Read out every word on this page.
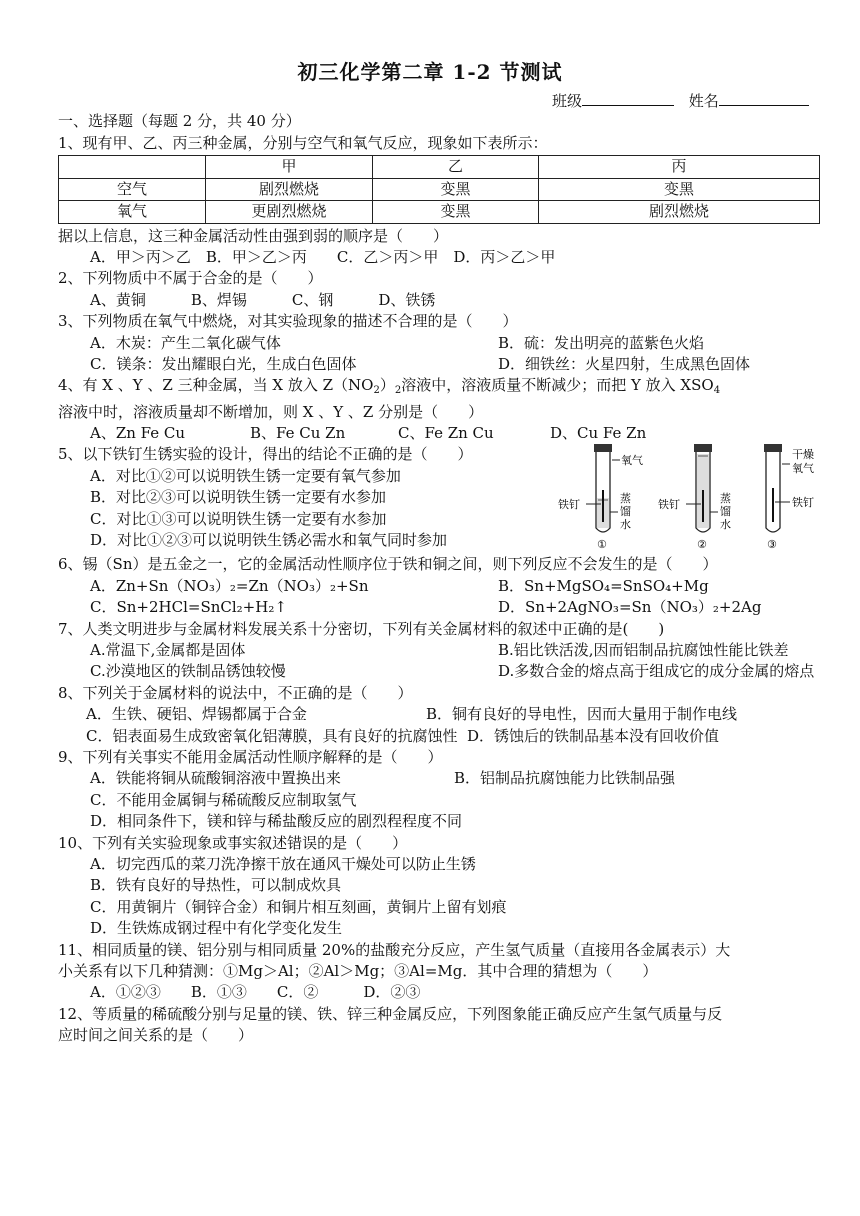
初三化学第二章 1-2 节测试
班级	姓名
一、选择题（每题 2 分，共 40 分）
1、现有甲、乙、丙三种金属，分别与空气和氧气反应，现象如下表所示：
	甲	乙	丙
空气	剧烈燃烧	变黑	变黑
氧气	更剧烈燃烧	变黑	剧烈燃烧
据以上信息，这三种金属活动性由强到弱的顺序是（　　）
A．甲＞丙＞乙　B．甲＞乙＞丙　　C．乙＞丙＞甲　D．丙＞乙＞甲
2、下列物质中不属于合金的是（　　）
A、黄铜　　　B、焊锡　　　C、钢　　　D、铁锈
3、下列物质在氧气中燃烧，对其实验现象的描述不合理的是（　　）
A．木炭：产生二氧化碳气体	B．硫：发出明亮的蓝紫色火焰
C．镁条：发出耀眼白光，生成白色固体	D．细铁丝：火星四射，生成黑色固体
4、有 X 、Y 、Z 三种金属，当 X 放入 $Z(NO_2)_2$溶液中，溶液质量不断减少；而把 Y 放入 $XSO_4$
溶液中时，溶液质量却不断增加，则 X 、Y 、Z 分别是（　　）
A、Zn Fe Cu	B、Fe Cu Zn	C、Fe Zn Cu	D、Cu Fe Zn
5、以下铁钉生锈实验的设计，得出的结论不正确的是（　　）
A．对比①②可以说明铁生锈一定要有氧气参加
B．对比②③可以说明铁生锈一定要有水参加
C．对比①③可以说明铁生锈一定要有水参加
D．对比①②③可以说明铁生锈必需水和氧气同时参加
氧气
铁钉	蒸
馏
水
①
铁钉	蒸
馏
水
②
干燥
氧气
铁钉
③
6、锡（Sn）是五金之一，它的金属活动性顺序位于铁和铜之间，则下列反应不会发生的是（　　）
A．Zn+Sn（NO₃）₂=Zn（NO₃）₂+Sn	B．Sn+MgSO₄=SnSO₄+Mg
C．Sn+2HCl=SnCl₂+H₂↑	D．Sn+2AgNO₃=Sn（NO₃）₂+2Ag
7、人类文明进步与金属材料发展关系十分密切，下列有关金属材料的叙述中正确的是(　　)
A.常温下,金属都是固体	B.铝比铁活泼,因而铝制品抗腐蚀性能比铁差
C.沙漠地区的铁制品锈蚀较慢	D.多数合金的熔点高于组成它的成分金属的熔点
8、下列关于金属材料的说法中，不正确的是（　　）
A．生铁、硬铝、焊锡都属于合金	B．铜有良好的导电性，因而大量用于制作电线
C．铝表面易生成致密氧化铝薄膜，具有良好的抗腐蚀性 D．锈蚀后的铁制品基本没有回收价值
9、下列有关事实不能用金属活动性顺序解释的是（　　）
A．铁能将铜从硫酸铜溶液中置换出来	B．铝制品抗腐蚀能力比铁制品强
C．不能用金属铜与稀硫酸反应制取氢气
D．相同条件下，镁和锌与稀盐酸反应的剧烈程程度不同
10、下列有关实验现象或事实叙述错误的是（　　）
A．切完西瓜的菜刀洗净擦干放在通风干燥处可以防止生锈
B．铁有良好的导热性，可以制成炊具
C．用黄铜片（铜锌合金）和铜片相互刻画，黄铜片上留有划痕
D．生铁炼成钢过程中有化学变化发生
11、相同质量的镁、铝分别与相同质量 20%的盐酸充分反应，产生氢气质量（直接用各金属表示）大
小关系有以下几种猜测：①Mg＞Al；②Al＞Mg；③Al=Mg．其中合理的猜想为（　　）
A．①②③　　B．①③　　C．②　　　D．②③
12、等质量的稀硫酸分别与足量的镁、铁、锌三种金属反应，下列图象能正确反应产生氢气质量与反
应时间之间关系的是（　　）
